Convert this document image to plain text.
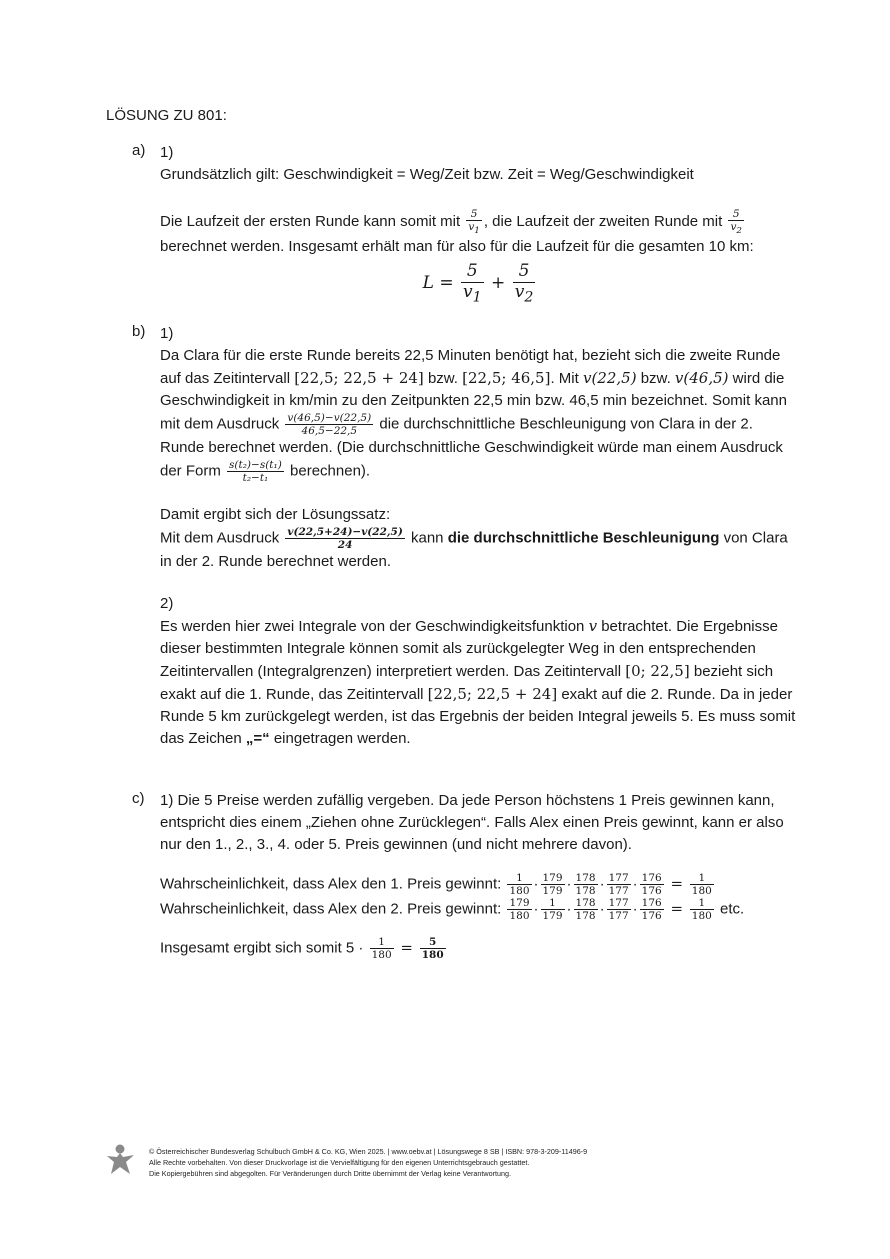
LÖSUNG ZU 801:
a) 1)

Grundsätzlich gilt: Geschwindigkeit = Weg/Zeit bzw. Zeit = Weg/Geschwindigkeit

Die Laufzeit der ersten Runde kann somit mit $\frac{5}{v_1}$ , die Laufzeit der zweiten Runde mit $\frac{5}{v_2}$
berechnet werden. Insgesamt erhält man für also für die Laufzeit für die gesamten 10 km:

$L = \frac{5}{v_1} + \frac{5}{v_2}$

b) 1)

Da Clara für die erste Runde bereits 22,5 Minuten benötigt hat, bezieht sich die zweite Runde auf das Zeitintervall [22,5; 22,5 + 24] bzw. [22,5; 46,5]. Mit v(22,5) bzw. v(46,5) wird die Geschwindigkeit in km/min zu den Zeitpunkten 22,5 min bzw. 46,5 min bezeichnet. Somit kann mit dem Ausdruck $\frac{v(46,5)-v(22,5)}{46,5-22,5}$ die durchschnittliche Beschleunigung von Clara in der 2. Runde berechnet werden. (Die durchschnittliche Geschwindigkeit würde man einem Ausdruck der Form $\frac{\text{s(t₂)−s(t₁)}}{\text{t₂−t₁}}$ berechnen).

Damit ergibt sich der Lösungssatz:

Mit dem Ausdruck $\frac{v(22,5+24)-v(22,5)}{24}$ kann die durchschnittliche Beschleunigung von Clara in der 2. Runde berechnet werden.

2)

Es werden hier zwei Integrale von der Geschwindigkeitsfunktion v betrachtet. Die Ergebnisse dieser bestimmten Integrale können somit als zurückgelegter Weg in den entsprechenden Zeitintervallen (Integralgrenzen) interpretiert werden. Das Zeitintervall [0; 22,5] bezieht sich exakt auf die 1. Runde, das Zeitintervall [22,5; 22,5 + 24] exakt auf die 2. Runde. Da in jeder Runde 5 km zurückgelegt werden, ist das Ergebnis der beiden Integral jeweils 5. Es muss somit das Zeichen „=“ eingetragen werden.

c) 1) Die 5 Preise werden zufällig vergeben. Da jede Person höchstens 1 Preis gewinnen kann, entspricht dies einem „Ziehen ohne Zurücklegen“. Falls Alex einen Preis gewinnt, kann er also nur den 1., 2., 3., 4. oder 5. Preis gewinnen (und nicht mehrere davon).

Wahrscheinlichkeit, dass Alex den 1. Preis gewinnt: $\frac{1}{180} \cdot \frac{179}{179} \cdot \frac{178}{178} \cdot \frac{177}{177} \cdot \frac{176}{176} = \frac{1}{180}$

Wahrscheinlichkeit, dass Alex den 2. Preis gewinnt: $\frac{179}{180} \cdot \frac{1}{179} \cdot \frac{178}{178} \cdot \frac{177}{177} \cdot \frac{176}{176} = \frac{1}{180}$ etc.

Insgesamt ergibt sich somit $5 \cdot \frac{1}{180} = \frac{5}{180}$

© Österreichischer Bundesverlag Schulbuch GmbH & Co. KG, Wien 2025. | www.oebv.at | Lösungswege 8 SB | ISBN: 978-3-209-11496-9
Alle Rechte vorbehalten. Von dieser Druckvorlage ist die Vervielfältigung für den eigenen Unterrichtsgebrauch gestattet.
Die Kopiergebühren sind abgegolten. Für Veränderungen durch Dritte übernimmt der Verlag keine Verantwortung.
